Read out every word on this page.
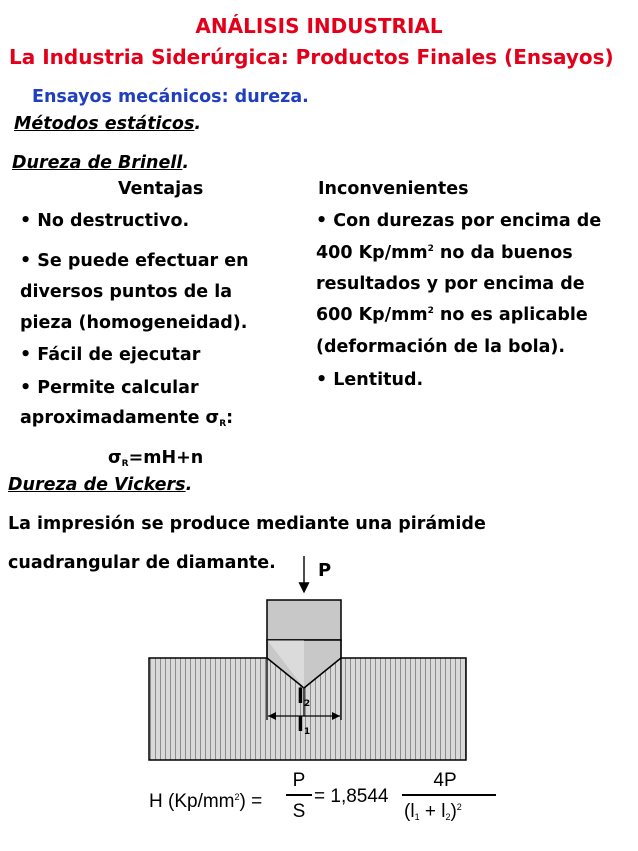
ANÁLISIS INDUSTRIAL
La Industria Siderúrgica: Productos Finales (Ensayos)
Ensayos mecánicos: dureza.
Métodos estáticos.
Dureza de Brinell.
Ventajas	Inconvenientes
• No destructivo.
• Se puede efectuar en
diversos puntos de la
pieza (homogeneidad).
• Fácil de ejecutar
• Permite calcular
aproximadamente $\sigma_R$:
$\sigma_R=mH+n$
• Con durezas por encima de
400 $Kp/mm^2$ no da buenos
resultados y por encima de
600 $Kp/mm^2$ no es aplicable
(deformación de la bola).
• Lentitud.
Dureza de Vickers.
La impresión se produce mediante una pirámide
cuadrangular de diamante. P
$l_2$
$l_1$
H $(Kp/mm^2)$ =
P
S
= 1,8544
4P
$(l_1 + l_2)^2$
